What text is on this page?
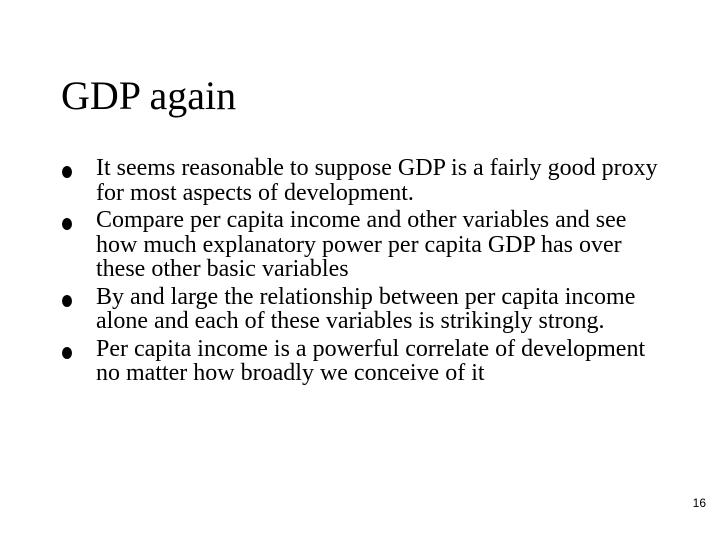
GDP again
It seems reasonable to suppose GDP is a fairly good proxy for most aspects of development.
Compare per capita income and other variables and see how much explanatory power per capita GDP has over these other basic variables
By and large the relationship between per capita income alone and each of these variables is strikingly strong.
Per capita income is a powerful correlate of development no matter how broadly we conceive of it
16
